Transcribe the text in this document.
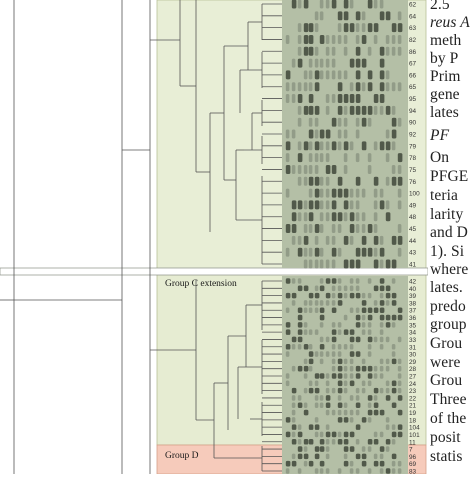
62
64
63
82
86
67
66
65
95
94
90
92
79
78
75
76
100
49
48
45
44
43
41
42
40
39
38
37
36
35
34
33
31
30
29
28
27
24
23
22
21
19
18
104
101
11
7
96
69
83
Group C extension
Group D
2.5
reus A
meth
by P
Prim
gene
lates
PF
On
PFGE
teria
larity
and D
1). Si
where
lates.
predo
group
Grou
were
Grou
Three
of the
posit
statis
